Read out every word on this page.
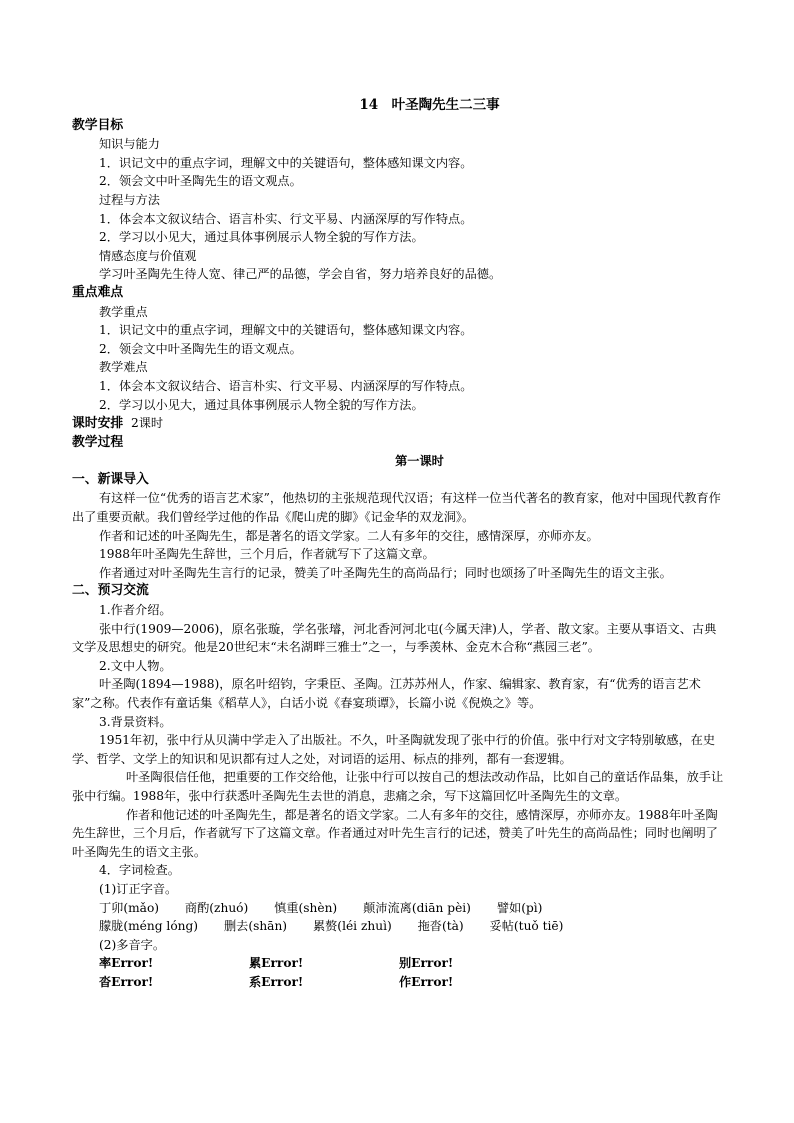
14　叶圣陶先生二三事
教学目标
知识与能力
1．识记文中的重点字词，理解文中的关键语句，整体感知课文内容。
2．领会文中叶圣陶先生的语文观点。
过程与方法
1．体会本文叙议结合、语言朴实、行文平易、内涵深厚的写作特点。
2．学习以小见大，通过具体事例展示人物全貌的写作方法。
情感态度与价值观
学习叶圣陶先生待人宽、律己严的品德，学会自省，努力培养良好的品德。
重点难点
教学重点
1．识记文中的重点字词，理解文中的关键语句，整体感知课文内容。
2．领会文中叶圣陶先生的语文观点。
教学难点
1．体会本文叙议结合、语言朴实、行文平易、内涵深厚的写作特点。
2．学习以小见大，通过具体事例展示人物全貌的写作方法。
课时安排 2课时
教学过程
第一课时
一、新课导入
有这样一位“优秀的语言艺术家”，他热切的主张规范现代汉语；有这样一位当代著名的教育家，他对中国现代教育作出了重要贡献。我们曾经学过他的作品《爬山虎的脚》《记金华的双龙洞》。
作者和记述的叶圣陶先生，都是著名的语文学家。二人有多年的交往，感情深厚，亦师亦友。
1988年叶圣陶先生辞世，三个月后，作者就写下了这篇文章。
作者通过对叶圣陶先生言行的记录，赞美了叶圣陶先生的高尚品行；同时也颂扬了叶圣陶先生的语文主张。
二、预习交流
1.作者介绍。
张中行(1909—2006)，原名张璇，学名张璿，河北香河河北屯(今属天津)人，学者、散文家。主要从事语文、古典文学及思想史的研究。他是20世纪末“未名湖畔三雅士”之一，与季羡林、金克木合称“燕园三老”。
2.文中人物。
叶圣陶(1894—1988)，原名叶绍钧，字秉臣、圣陶。江苏苏州人，作家、编辑家、教育家，有“优秀的语言艺术家”之称。代表作有童话集《稻草人》，白话小说《春宴琐谭》，长篇小说《倪焕之》等。
3.背景资料。
1951年初，张中行从贝满中学走入了出版社。不久，叶圣陶就发现了张中行的价值。张中行对文字特别敏感，在史学、哲学、文学上的知识和见识都有过人之处，对词语的运用、标点的排列，都有一套逻辑。
叶圣陶很信任他，把重要的工作交给他，让张中行可以按自己的想法改动作品，比如自己的童话作品集，放手让张中行编。1988年，张中行获悉叶圣陶先生去世的消息，悲痛之余，写下这篇回忆叶圣陶先生的文章。
作者和他记述的叶圣陶先生，都是著名的语文学家。二人有多年的交往，感情深厚，亦师亦友。1988年叶圣陶先生辞世，三个月后，作者就写下了这篇文章。作者通过对叶先生言行的记述，赞美了叶先生的高尚品性；同时也阐明了叶圣陶先生的语文主张。
4．字词检查。
(1)订正字音。
丁卯(mǎo) 商酌(zhuó) 慎重(shèn) 颠沛流离(diān pèi) 譬如(pì)
朦胧(méng lóng) 删去(shān) 累赘(léi zhuì) 拖沓(tà) 妥帖(tuǒ tiē)
(2)多音字。
率Error!	累Error!	别Error!
沓Error!	系Error!	作Error!
